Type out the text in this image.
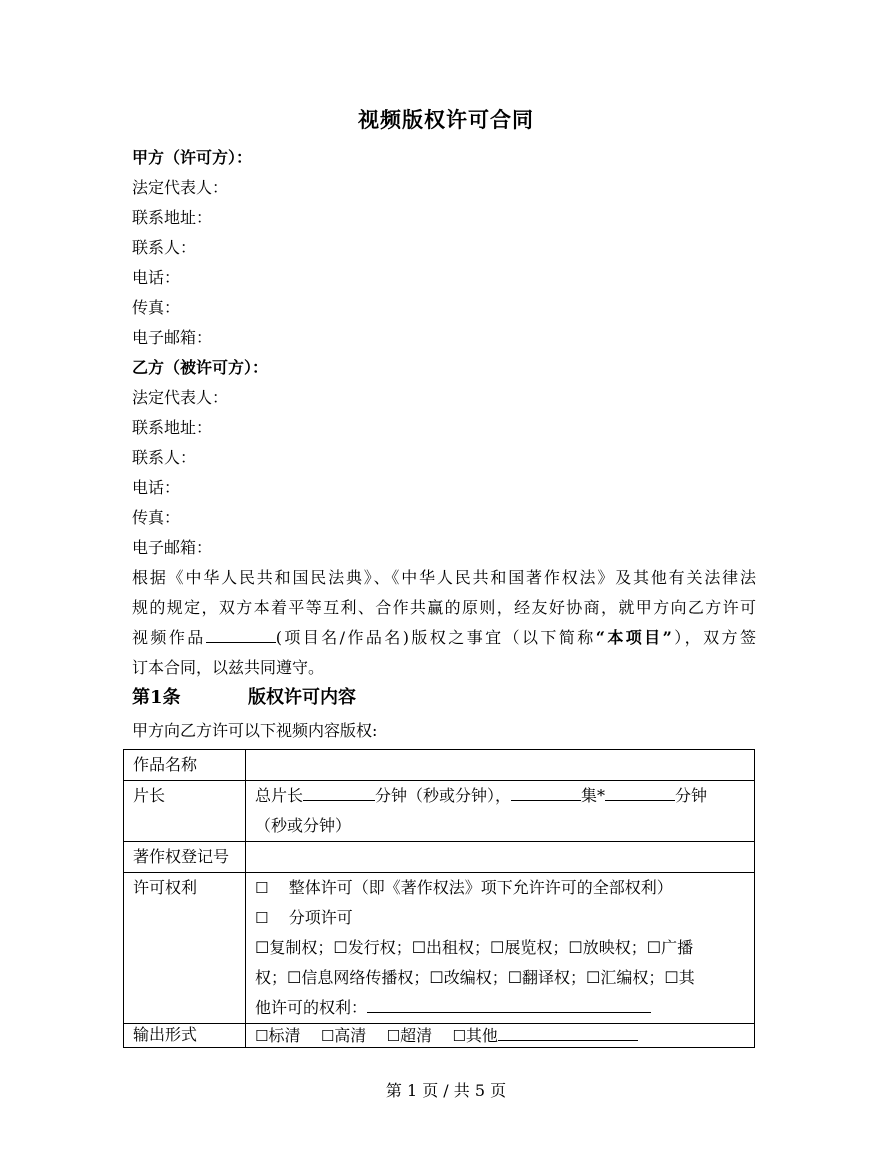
视频版权许可合同
甲方（许可方）：
法定代表人：
联系地址：
联系人：
电话：
传真：
电子邮箱：
乙方（被许可方）：
法定代表人：
联系地址：
联系人：
电话：
传真：
电子邮箱：
根据《中华人民共和国民法典》、《中华人民共和国著作权法》及其他有关法律法
规的规定，双方本着平等互利、合作共赢的原则，经友好协商，就甲方向乙方许可
视频作品	(项目名/作品名)版权之事宜（以下简称“本项目”），双方签
订本合同，以兹共同遵守。
第1条	版权许可内容
甲方向乙方许可以下视频内容版权:
作品名称	
片长	总片长 分钟（秒或分钟）， 集* 分钟
（秒或分钟）

著作权登记号	
许可权利	☐ 整体许可（即《著作权法》项下允许许可的全部权利）
☐ 分项许可
☐复制权；☐发行权；☐出租权；☐展览权；☐放映权；☐广播
权；☐信息网络传播权；☐改编权；☐翻译权；☐汇编权；☐其
他许可的权利：

输出形式	☐标清 ☐高清 ☐超清 ☐其他
第 1 页 / 共 5 页
